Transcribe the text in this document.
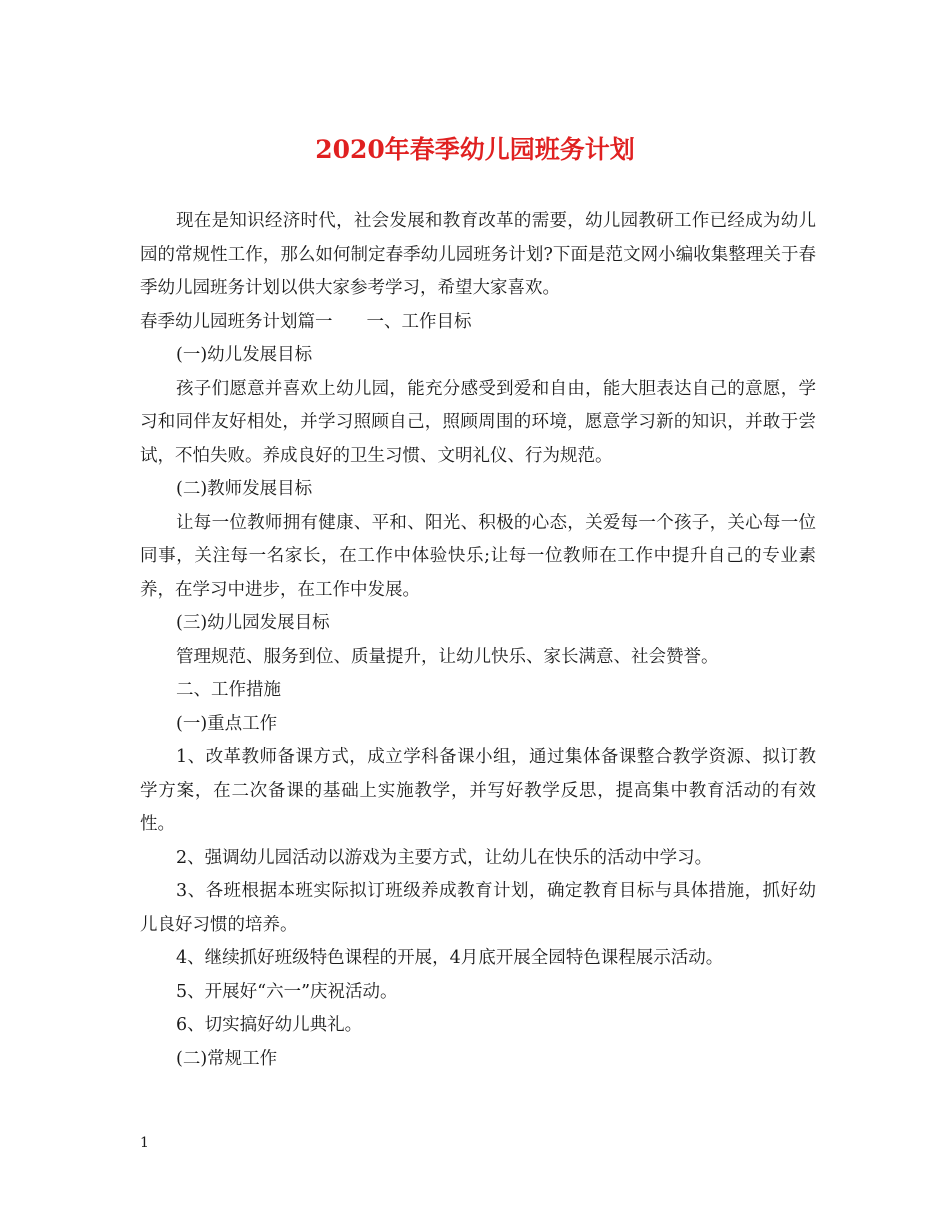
2020年春季幼儿园班务计划

现在是知识经济时代，社会发展和教育改革的需要，幼儿园教研工作已经成为幼儿园的常规性工作，那么如何制定春季幼儿园班务计划?下面是范文网小编收集整理关于春季幼儿园班务计划以供大家参考学习，希望大家喜欢。

春季幼儿园班务计划篇一 一、工作目标

(一)幼儿发展目标

孩子们愿意并喜欢上幼儿园，能充分感受到爱和自由，能大胆表达自己的意愿，学习和同伴友好相处，并学习照顾自己，照顾周围的环境，愿意学习新的知识，并敢于尝试，不怕失败。养成良好的卫生习惯、文明礼仪、行为规范。

(二)教师发展目标

让每一位教师拥有健康、平和、阳光、积极的心态，关爱每一个孩子，关心每一位同事，关注每一名家长，在工作中体验快乐;让每一位教师在工作中提升自己的专业素养，在学习中进步，在工作中发展。

(三)幼儿园发展目标

管理规范、服务到位、质量提升，让幼儿快乐、家长满意、社会赞誉。

二、工作措施

(一)重点工作

1、改革教师备课方式，成立学科备课小组，通过集体备课整合教学资源、拟订教学方案，在二次备课的基础上实施教学，并写好教学反思，提高集中教育活动的有效性。

2、强调幼儿园活动以游戏为主要方式，让幼儿在快乐的活动中学习。

3、各班根据本班实际拟订班级养成教育计划，确定教育目标与具体措施，抓好幼儿良好习惯的培养。

4、继续抓好班级特色课程的开展，4月底开展全园特色课程展示活动。

5、开展好“六一”庆祝活动。

6、切实搞好幼儿典礼。

(二)常规工作

1
